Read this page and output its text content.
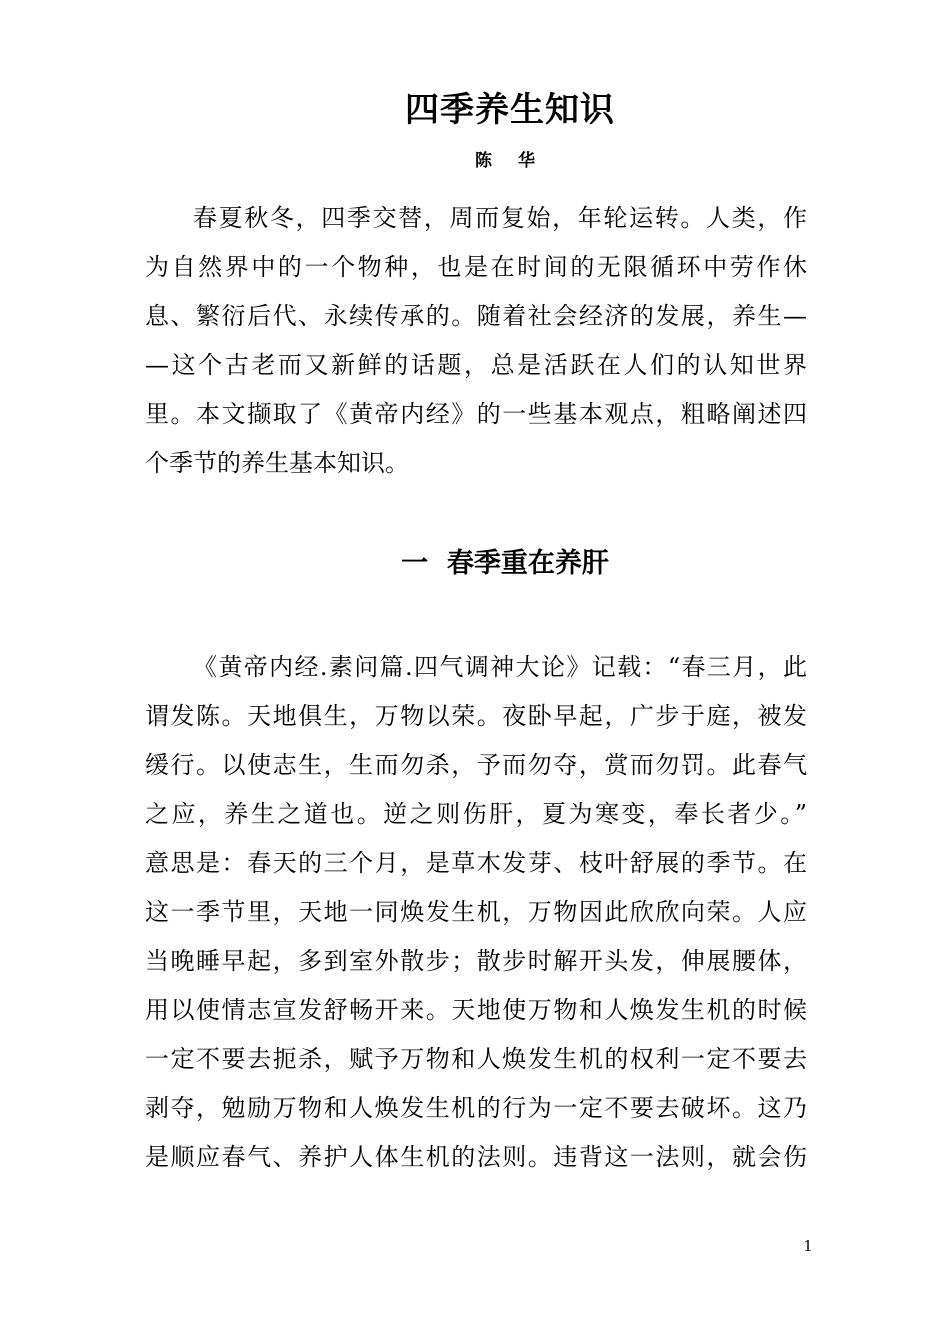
四季养生知识
陈 华
春夏秋冬，四季交替，周而复始，年轮运转。人类，作
为自然界中的一个物种，也是在时间的无限循环中劳作休
息、繁衍后代、永续传承的。随着社会经济的发展，养生—
—这个古老而又新鲜的话题，总是活跃在人们的认知世界
里。本文撷取了《黄帝内经》的一些基本观点，粗略阐述四
个季节的养生基本知识。
一  春季重在养肝
《黄帝内经.素问篇.四气调神大论》记载：“春三月，此
谓发陈。天地俱生，万物以荣。夜卧早起，广步于庭，被发
缓行。以使志生，生而勿杀，予而勿夺，赏而勿罚。此春气
之应，养生之道也。逆之则伤肝，夏为寒变，奉长者少。”
意思是：春天的三个月，是草木发芽、枝叶舒展的季节。在
这一季节里，天地一同焕发生机，万物因此欣欣向荣。人应
当晚睡早起，多到室外散步；散步时解开头发，伸展腰体，
用以使情志宣发舒畅开来。天地使万物和人焕发生机的时候
一定不要去扼杀，赋予万物和人焕发生机的权利一定不要去
剥夺，勉励万物和人焕发生机的行为一定不要去破坏。这乃
是顺应春气、养护人体生机的法则。违背这一法则，就会伤
1
